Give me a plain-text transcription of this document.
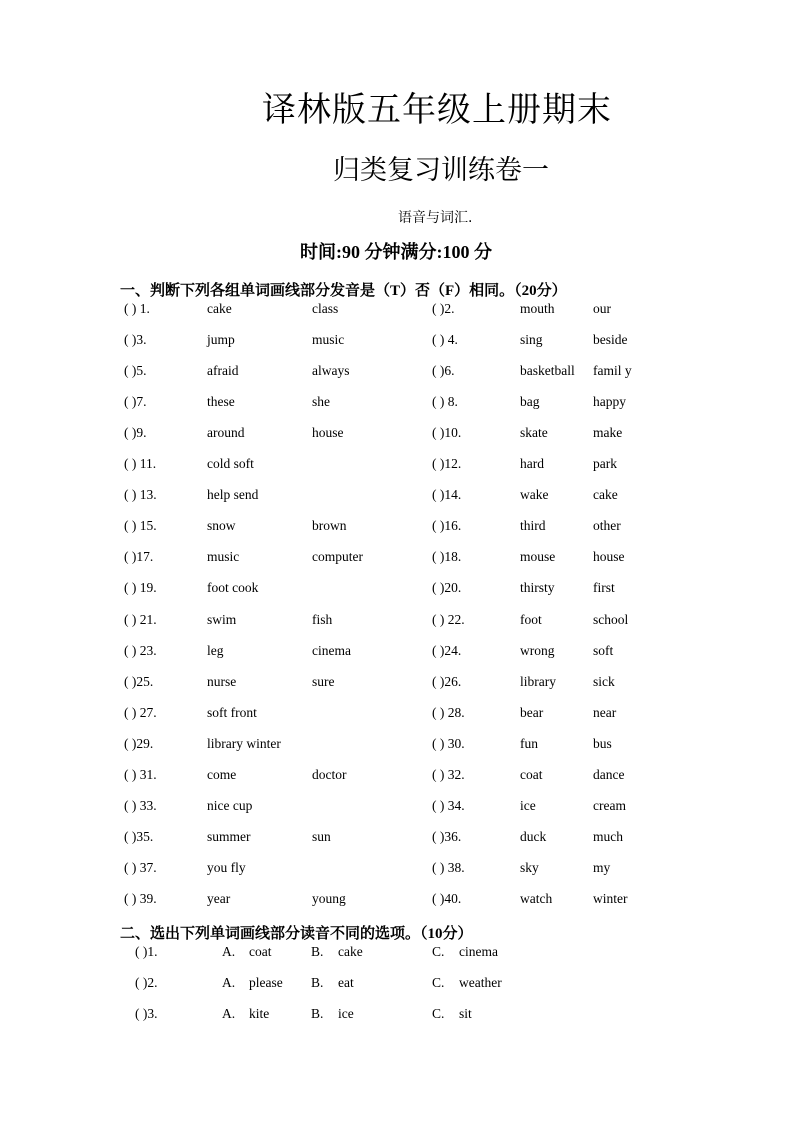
译林版五年级上册期末
归类复习训练卷一
语音与词汇.
时间:90 分钟满分:100 分
一、判断下列各组单词画线部分发音是（T）否（F）相同。（20分）
( ) 1.	cake	class	( )2.	mouth	our
( )3.	jump	music	( ) 4.	sing	beside
( )5.	afraid	always	( )6.	basketball famil y
( )7.	these	she	( ) 8.	bag	happy
( )9.	around	house	( )10.	skate	make
( ) 11.	cold soft	( )12.	hard	park
( ) 13.	help send	( )14.	wake	cake
( ) 15.	snow	brown	( )16.	third	other
( )17.	music	computer	( )18.	mouse	house
( ) 19.	foot cook	( )20.	thirsty	first
( ) 21.	swim	fish	( ) 22.	foot	school
( ) 23.	leg	cinema	( )24.	wrong	soft
( )25.	nurse	sure	( )26.	library	sick
( ) 27.	soft front	( ) 28.	bear	near
( )29.	library winter	( ) 30.	fun	bus
( ) 31.	come	doctor	( ) 32.	coat	dance
( ) 33.	nice cup	( ) 34.	ice	cream
( )35.	summer	sun	( )36.	duck	much
( ) 37.	you fly	( ) 38.	sky	my
( ) 39.	year	young	( )40.	watch	winter
二、选出下列单词画线部分读音不同的选项。（10分）
( )1.	A. coat	B. cake	C. cinema
( )2.	A. please B. eat	C. weather
( )3.	A. kite	B. ice	C. sit
